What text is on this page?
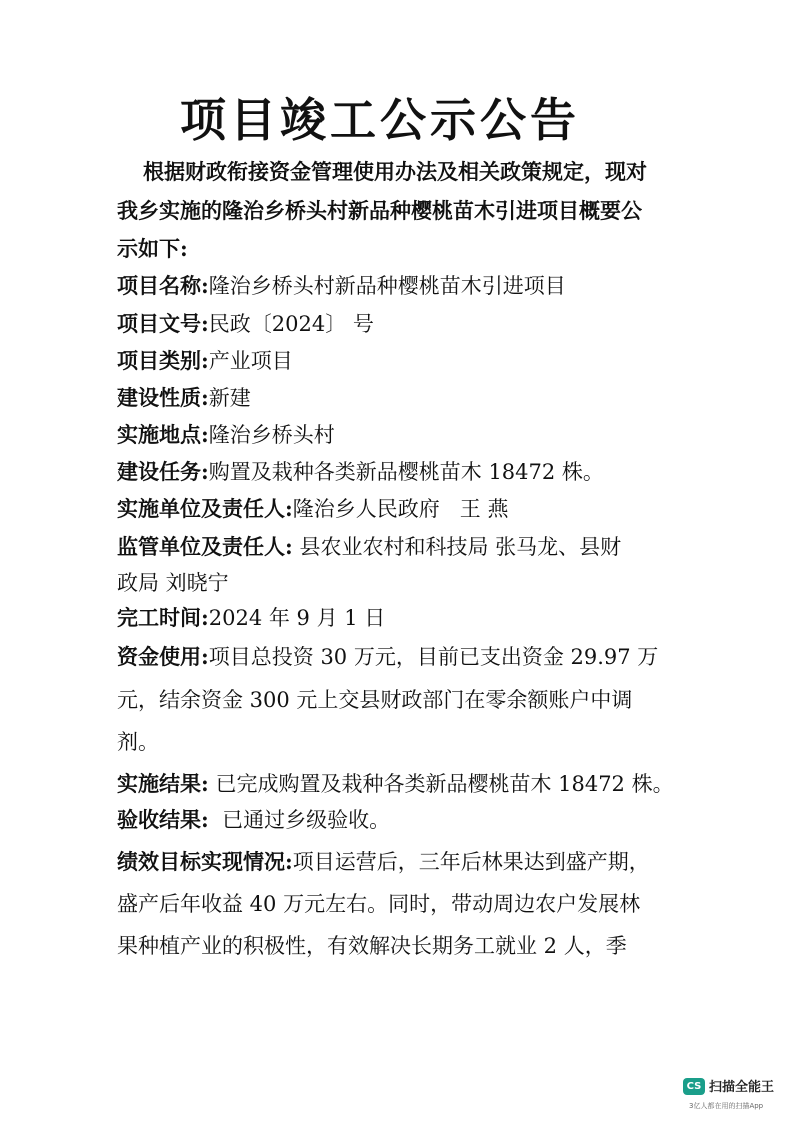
项目竣工公示公告
根据财政衔接资金管理使用办法及相关政策规定，现对
我乡实施的隆治乡桥头村新品种樱桃苗木引进项目概要公
示如下:
项目名称:隆治乡桥头村新品种樱桃苗木引进项目
项目文号:民政〔2024〕 号
项目类别:产业项目
建设性质:新建
实施地点:隆治乡桥头村
建设任务:购置及栽种各类新品樱桃苗木 18472 株。
实施单位及责任人:隆治乡人民政府   王 燕
监管单位及责任人: 县农业农村和科技局 张马龙、县财
政局 刘晓宁
完工时间:2024 年 9 月 1 日
资金使用:项目总投资 30 万元，目前已支出资金 29.97 万
元，结余资金 300 元上交县财政部门在零余额账户中调
剂。
实施结果: 已完成购置及栽种各类新品樱桃苗木 18472 株。
验收结果:  已通过乡级验收。
绩效目标实现情况:项目运营后，三年后林果达到盛产期，
盛产后年收益 40 万元左右。同时，带动周边农户发展林
果种植产业的积极性，有效解决长期务工就业 2 人，季
CS 扫描全能王
3亿人都在用的扫描App
